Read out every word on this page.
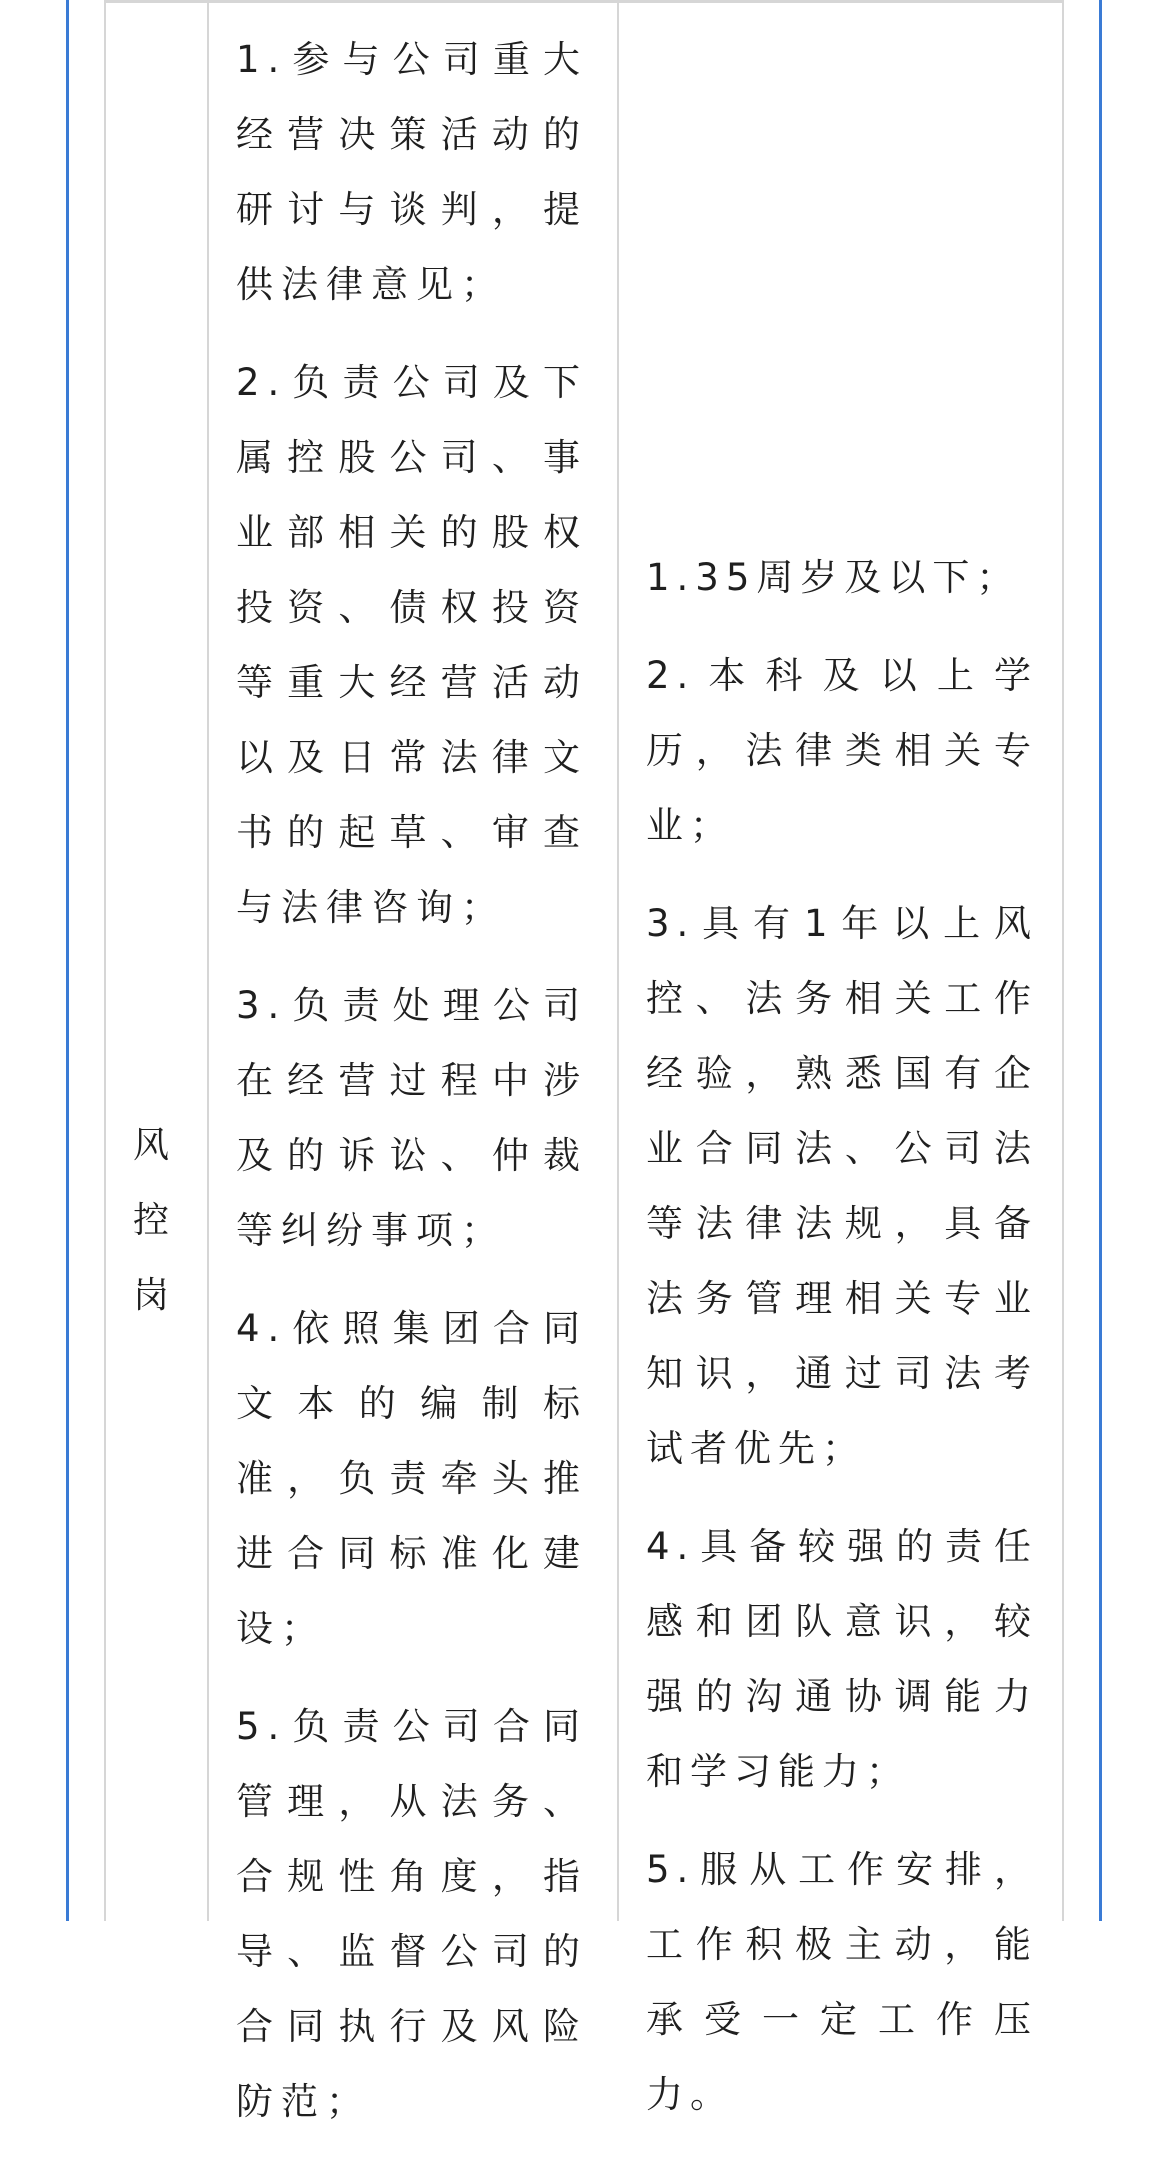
风控岗

1.参与公司重大经营决策活动的研讨与谈判，提供法律意见；

2.负责公司及下属控股公司、事业部相关的股权投资、债权投资等重大经营活动以及日常法律文书的起草、审查与法律咨询；

3.负责处理公司在经营过程中涉及的诉讼、仲裁等纠纷事项；

4.依照集团合同文本的编制标准，负责牵头推进合同标准化建设；

5.负责公司合同管理，从法务、合规性角度，指导、监督公司的合同执行及风险防范；

1.35周岁及以下；

2.本科及以上学历，法律类相关专业；

3.具有1年以上风控、法务相关工作经验，熟悉国有企业合同法、公司法等法律法规，具备法务管理相关专业知识，通过司法考试者优先；

4.具备较强的责任感和团队意识，较强的沟通协调能力和学习能力；

5.服从工作安排，工作积极主动，能承受一定工作压力。
